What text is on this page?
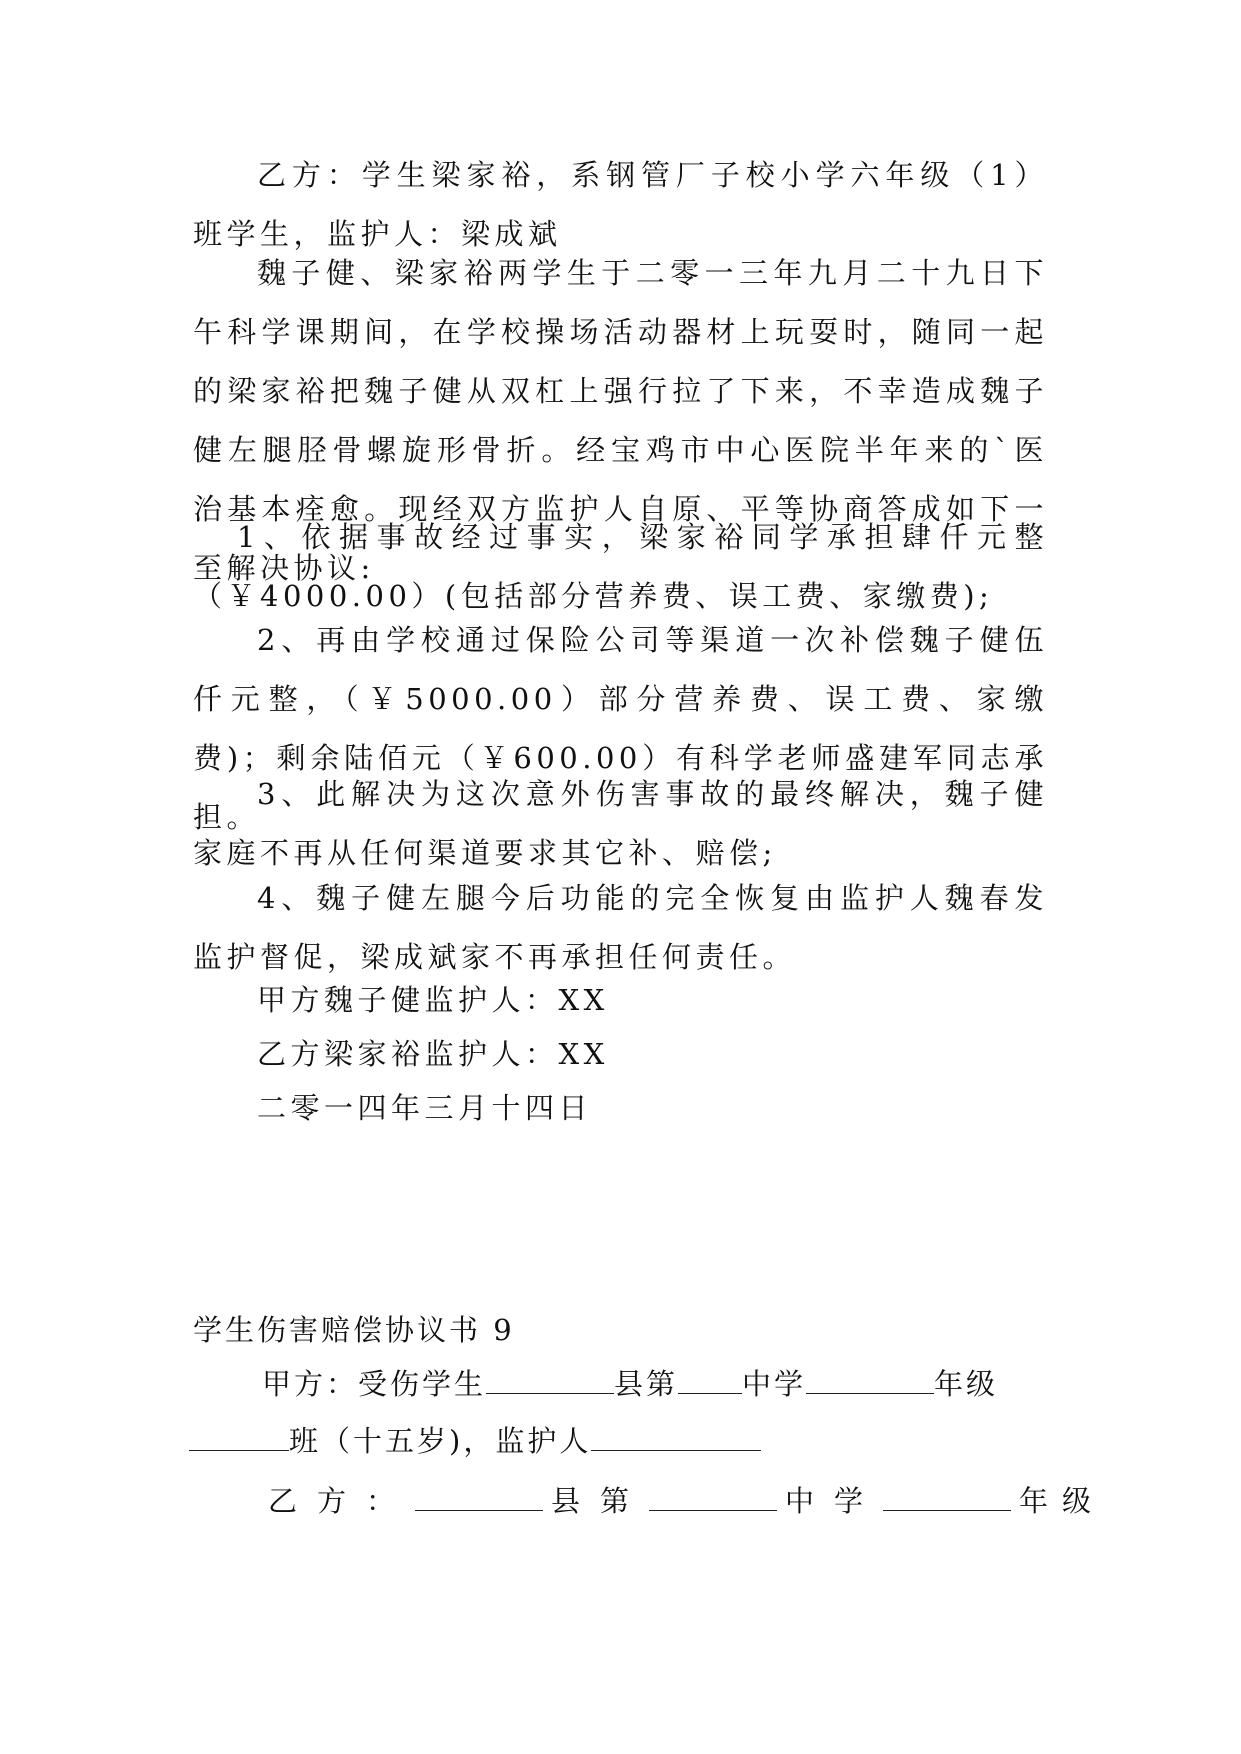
乙方：学生梁家裕，系钢管厂子校小学六年级（1）班学生，监护人：梁成斌

魏子健、梁家裕两学生于二零一三年九月二十九日下午科学课期间，在学校操场活动器材上玩耍时，随同一起的梁家裕把魏子健从双杠上强行拉了下来，不幸造成魏子健左腿胫骨螺旋形骨折。经宝鸡市中心医院半年来的`医治基本痊愈。现经双方监护人自原、平等协商答成如下一至解决协议:

1、依据事故经过事实，梁家裕同学承担肆仟元整（￥4000.00）(包括部分营养费、误工费、家缴费);

2、再由学校通过保险公司等渠道一次补偿魏子健伍仟元整，（￥5000.00）部分营养费、误工费、家缴费)；剩余陆佰元（￥600.00）有科学老师盛建军同志承担。

3、此解决为这次意外伤害事故的最终解决，魏子健家庭不再从任何渠道要求其它补、赔偿;

4、魏子健左腿今后功能的完全恢复由监护人魏春发监护督促，梁成斌家不再承担任何责任。

甲方魏子健监护人：XX
乙方梁家裕监护人：XX
二零一四年三月十四日
学生伤害赔偿协议书 9
甲方：受伤学生	县第 中学	年级
班（十五岁)，监护人
乙方：	县第	中学	年级
